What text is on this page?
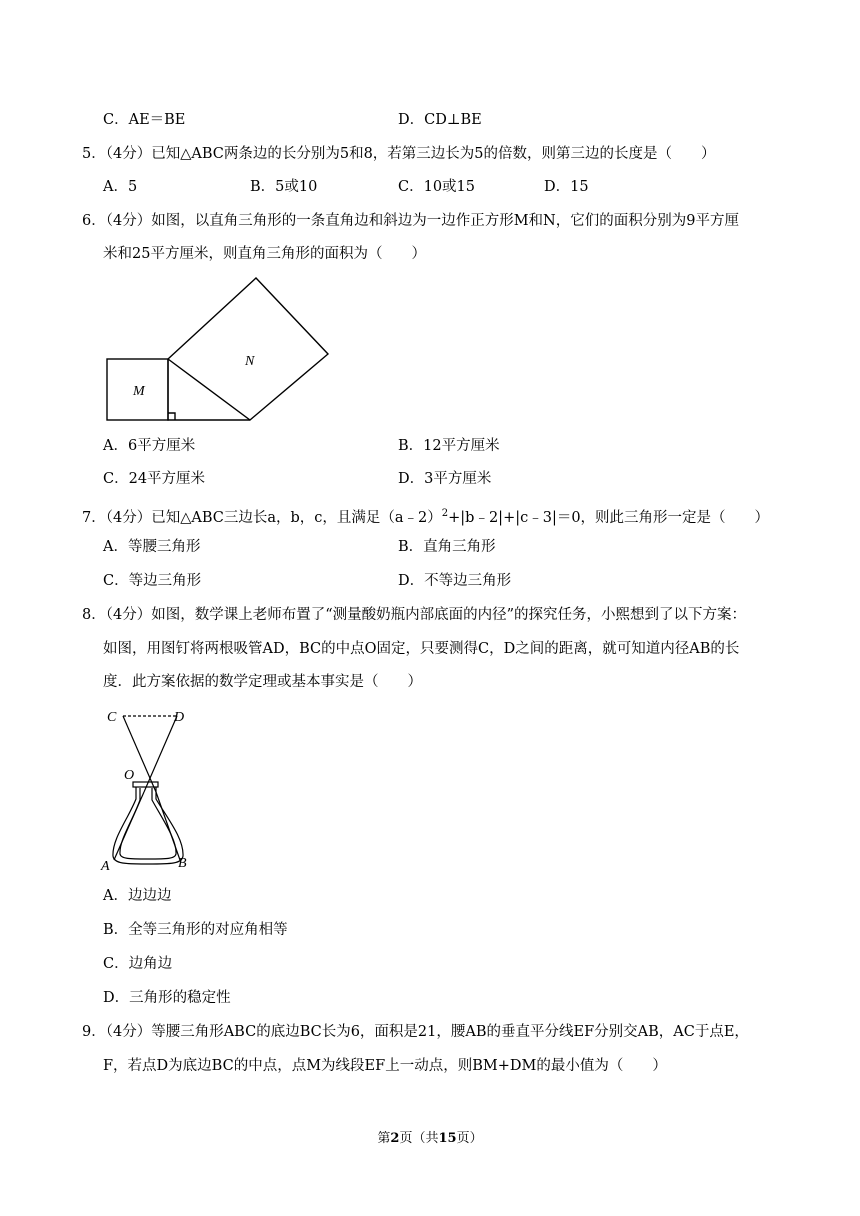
C．AE＝BE	D．CD⊥BE
5．（4分）已知△ABC两条边的长分别为5和8，若第三边长为5的倍数，则第三边的长度是（　　）
A．5	B．5或10	C．10或15	D．15
6．（4分）如图，以直角三角形的一条直角边和斜边为一边作正方形M和N，它们的面积分别为9平方厘
米和25平方厘米，则直角三角形的面积为（　　）
M
N
A．6平方厘米	B．12平方厘米
C．24平方厘米	D．3平方厘米
7．（4分）已知△ABC三边长a，b，c，且满足（a﹣2）$^2$+|b﹣2|+|c﹣3|＝0，则此三角形一定是（　　）
A．等腰三角形	B．直角三角形
C．等边三角形	D．不等边三角形
8．（4分）如图，数学课上老师布置了“测量酸奶瓶内部底面的内径”的探究任务，小熙想到了以下方案：
如图，用图钉将两根吸管AD，BC的中点O固定，只要测得C，D之间的距离，就可知道内径AB的长
度．此方案依据的数学定理或基本事实是（　　）
C	D
O
A	B
A．边边边
B．全等三角形的对应角相等
C．边角边
D．三角形的稳定性
9．（4分）等腰三角形ABC的底边BC长为6，面积是21，腰AB的垂直平分线EF分别交AB，AC于点E，
F，若点D为底边BC的中点，点M为线段EF上一动点，则BM+DM的最小值为（　　）
第2页（共15页）
